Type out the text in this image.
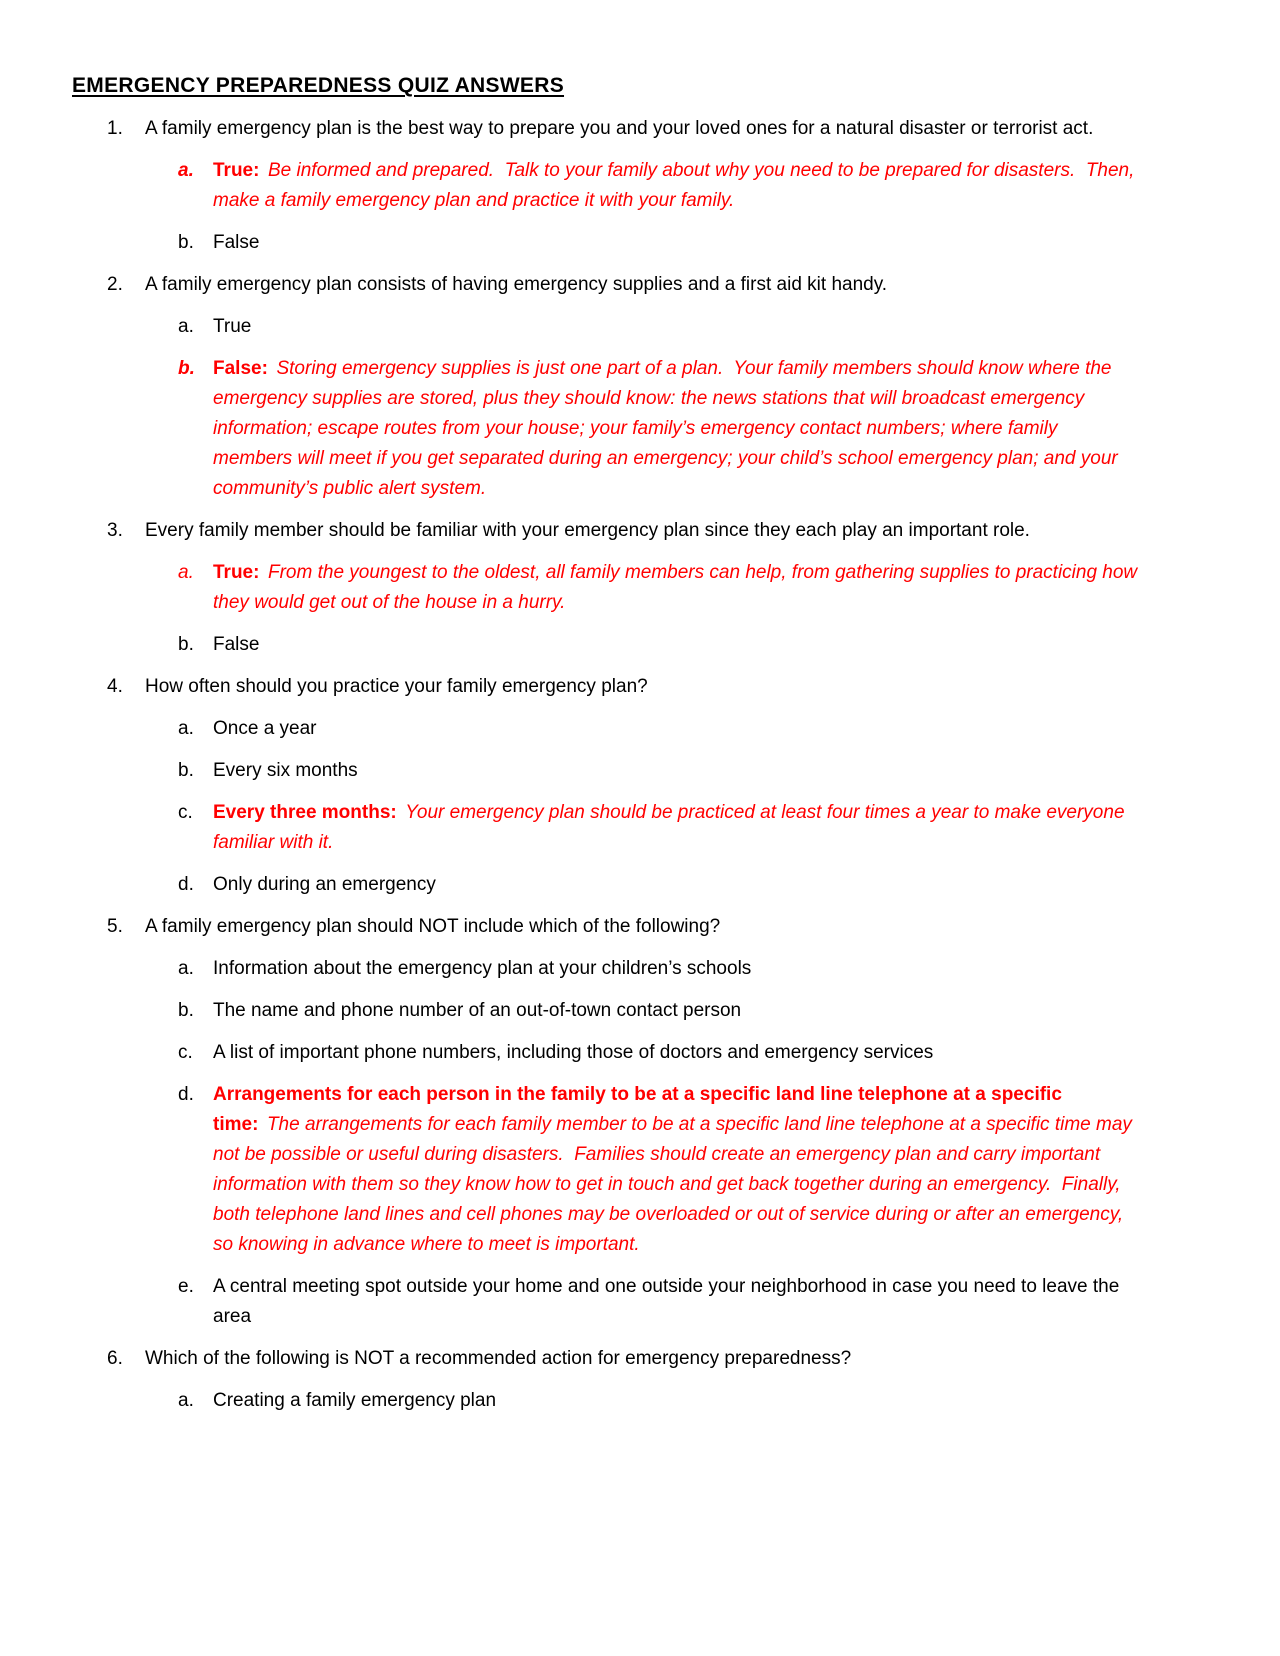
EMERGENCY PREPAREDNESS QUIZ ANSWERS
1.	A family emergency plan is the best way to prepare you and your loved ones for a natural disaster or terrorist act.
a.	True: Be informed and prepared.  Talk to your family about why you need to be prepared for disasters.  Then, make a family emergency plan and practice it with your family.
b.	False
2.	A family emergency plan consists of having emergency supplies and a first aid kit handy.
a.	True
b. False: Storing emergency supplies is just one part of a plan.  Your family members should know where the emergency supplies are stored, plus they should know: the news stations that will broadcast emergency information; escape routes from your house; your family’s emergency contact numbers; where family members will meet if you get separated during an emergency; your child’s school emergency plan; and your community’s public alert system.
3.	Every family member should be familiar with your emergency plan since they each play an important role.
a.	True: From the youngest to the oldest, all family members can help, from gathering supplies to practicing how they would get out of the house in a hurry.
b.	False
4.	How often should you practice your family emergency plan?
a.	Once a year
b.	Every six months
c.	Every three months: Your emergency plan should be practiced at least four times a year to make everyone familiar with it.
d.	Only during an emergency
5.	A family emergency plan should NOT include which of the following?
a.	Information about the emergency plan at your children’s schools
b.	The name and phone number of an out-of-town contact person
c.	A list of important phone numbers, including those of doctors and emergency services
d.	Arrangements for each person in the family to be at a specific land line telephone at a specific time: The arrangements for each family member to be at a specific land line telephone at a specific time may not be possible or useful during disasters.  Families should create an emergency plan and carry important information with them so they know how to get in touch and get back together during an emergency.  Finally, both telephone land lines and cell phones may be overloaded or out of service during or after an emergency, so knowing in advance where to meet is important.
e.	A central meeting spot outside your home and one outside your neighborhood in case you need to leave the area
6.	Which of the following is NOT a recommended action for emergency preparedness?
a.	Creating a family emergency plan
